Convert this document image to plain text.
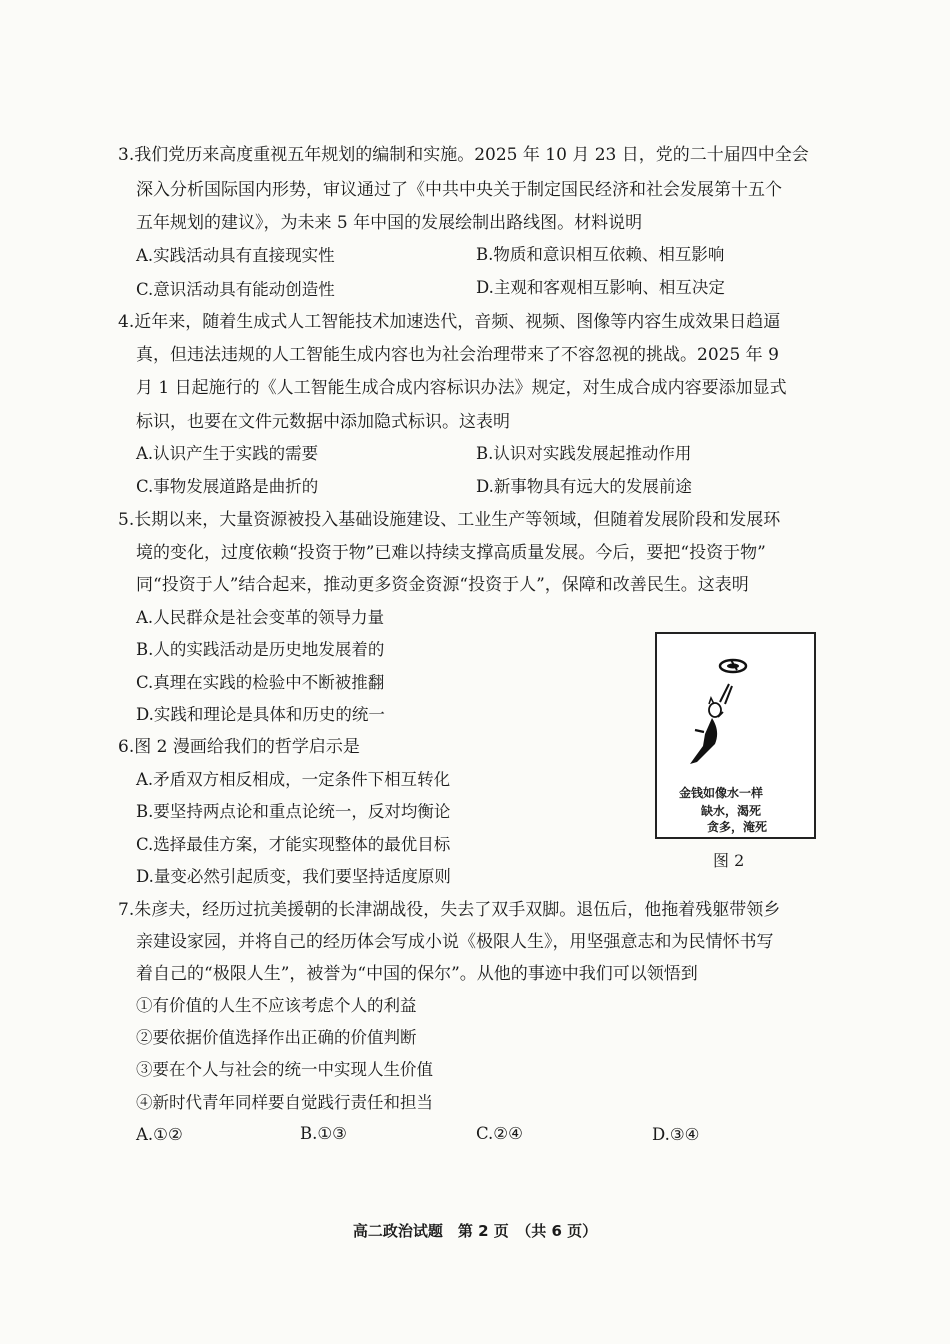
3.我们党历来高度重视五年规划的编制和实施。2025 年 10 月 23 日，党的二十届四中全会
深入分析国际国内形势，审议通过了《中共中央关于制定国民经济和社会发展第十五个
五年规划的建议》，为未来 5 年中国的发展绘制出路线图。材料说明
A.实践活动具有直接现实性	B.物质和意识相互依赖、相互影响
C.意识活动具有能动创造性	D.主观和客观相互影响、相互决定
4.近年来，随着生成式人工智能技术加速迭代，音频、视频、图像等内容生成效果日趋逼
真，但违法违规的人工智能生成内容也为社会治理带来了不容忽视的挑战。2025 年 9
月 1 日起施行的《人工智能生成合成内容标识办法》规定，对生成合成内容要添加显式
标识，也要在文件元数据中添加隐式标识。这表明
A.认识产生于实践的需要	B.认识对实践发展起推动作用
C.事物发展道路是曲折的	D.新事物具有远大的发展前途
5.长期以来，大量资源被投入基础设施建设、工业生产等领域，但随着发展阶段和发展环
境的变化，过度依赖“投资于物”已难以持续支撑高质量发展。今后，要把“投资于物”
同“投资于人”结合起来，推动更多资金资源“投资于人”，保障和改善民生。这表明
A.人民群众是社会变革的领导力量
B.人的实践活动是历史地发展着的
C.真理在实践的检验中不断被推翻
D.实践和理论是具体和历史的统一
6.图 2 漫画给我们的哲学启示是
A.矛盾双方相反相成，一定条件下相互转化
B.要坚持两点论和重点论统一，反对均衡论
C.选择最佳方案，才能实现整体的最优目标
D.量变必然引起质变，我们要坚持适度原则
金钱如像水一样
缺水，渴死
贪多，淹死
图 2
7.朱彦夫，经历过抗美援朝的长津湖战役，失去了双手双脚。退伍后，他拖着残躯带领乡
亲建设家园，并将自己的经历体会写成小说《极限人生》，用坚强意志和为民情怀书写
着自己的“极限人生”，被誉为“中国的保尔”。从他的事迹中我们可以领悟到
①有价值的人生不应该考虑个人的利益
②要依据价值选择作出正确的价值判断
③要在个人与社会的统一中实现人生价值
④新时代青年同样要自觉践行责任和担当
A.①②	B.①③	C.②④	D.③④
高二政治试题　第 2 页　（共 6 页）
